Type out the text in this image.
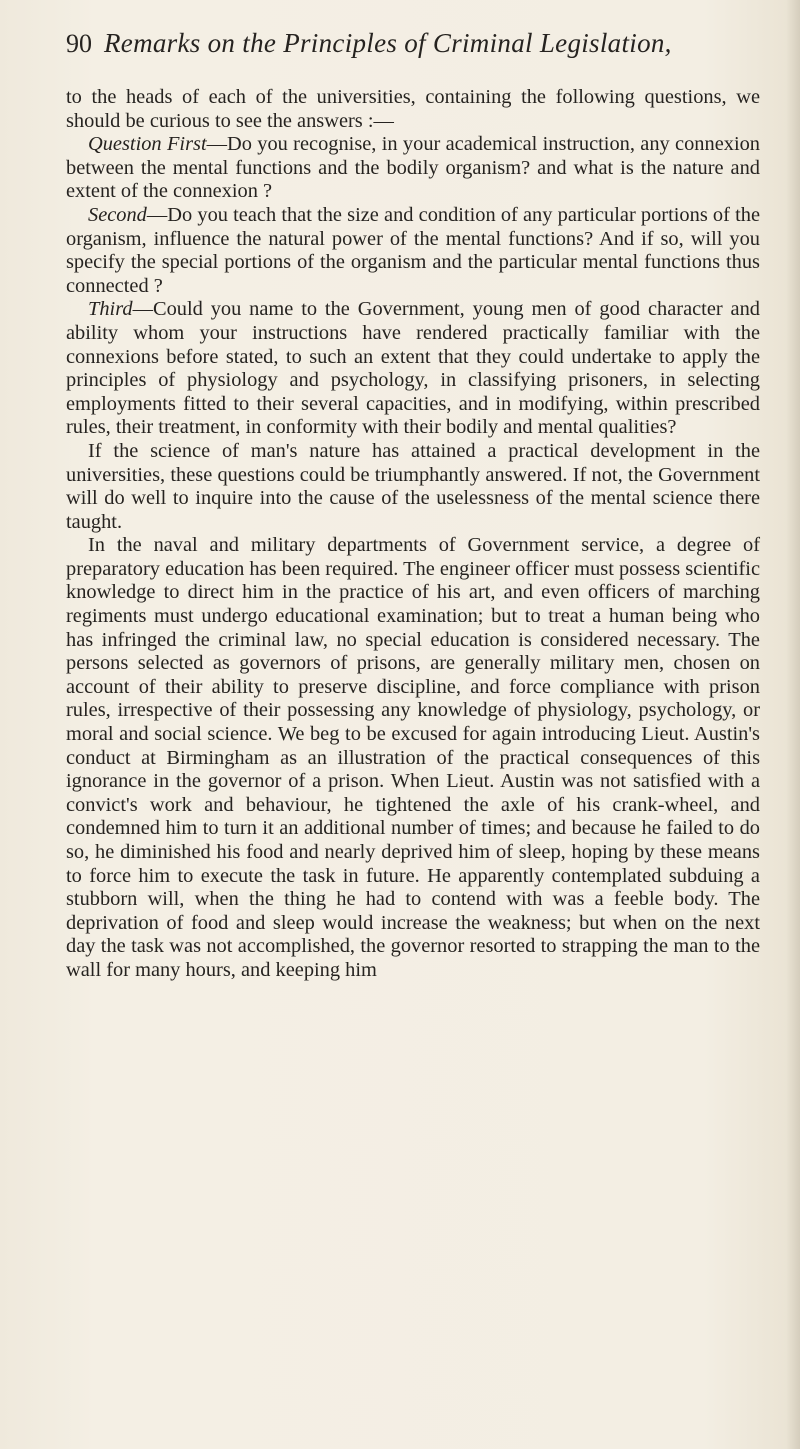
90 Remarks on the Principles of Criminal Legislation,

to the heads of each of the universities, containing the following questions, we should be curious to see the answers :—

Question First—Do you recognise, in your academical instruction, any connexion between the mental functions and the bodily organism? and what is the nature and extent of the connexion ?

Second—Do you teach that the size and condition of any particular portions of the organism, influence the natural power of the mental functions? And if so, will you specify the special portions of the organism and the particular mental functions thus connected ?

Third—Could you name to the Government, young men of good character and ability whom your instructions have rendered practically familiar with the connexions before stated, to such an extent that they could undertake to apply the principles of physiology and psychology, in classifying prisoners, in selecting employments fitted to their several capacities, and in modifying, within prescribed rules, their treatment, in conformity with their bodily and mental qualities?

If the science of man's nature has attained a practical development in the universities, these questions could be triumphantly answered. If not, the Government will do well to inquire into the cause of the uselessness of the mental science there taught.

In the naval and military departments of Government service, a degree of preparatory education has been required. The engineer officer must possess scientific knowledge to direct him in the practice of his art, and even officers of marching regiments must undergo educational examination; but to treat a human being who has infringed the criminal law, no special education is considered necessary. The persons selected as governors of prisons, are generally military men, chosen on account of their ability to preserve discipline, and force compliance with prison rules, irrespective of their possessing any knowledge of physiology, psychology, or moral and social science. We beg to be excused for again introducing Lieut. Austin's conduct at Birmingham as an illustration of the practical consequences of this ignorance in the governor of a prison. When Lieut. Austin was not satisfied with a convict's work and behaviour, he tightened the axle of his crank-wheel, and condemned him to turn it an additional number of times; and because he failed to do so, he diminished his food and nearly deprived him of sleep, hoping by these means to force him to execute the task in future. He apparently contemplated subduing a stubborn will, when the thing he had to contend with was a feeble body. The deprivation of food and sleep would increase the weakness; but when on the next day the task was not accomplished, the governor resorted to strapping the man to the wall for many hours, and keeping him
